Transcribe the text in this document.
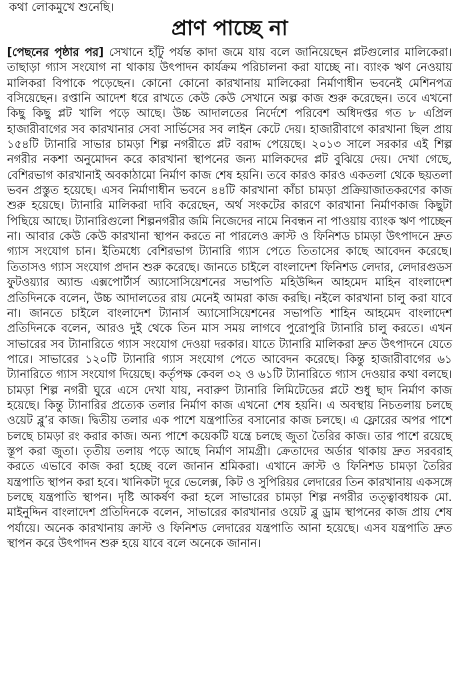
কথা লোকমুখে শুনেছি।
প্রাণ পাচ্ছে না
[পেছনের পৃষ্ঠার পর] সেখানে হাঁটু পর্যন্ত কাদা জমে যায় বলে জানিয়েছেন প্লটগুলোর মালিকেরা। তাছাড়া গ্যাস সংযোগ না থাকায় উৎপাদন কার্যক্রম পরিচালনা করা যাচ্ছে না। ব্যাংক ঋণ নেওয়ায় মালিকরা বিপাকে পড়েছেন। কোনো কোনো কারখানায় মালিকেরা নির্মাণাধীন ভবনেই মেশিনপত্র বসিয়েছেন। রপ্তানি আদেশ ধরে রাখতে কেউ কেউ সেখানে অল্প কাজ শুরু করেছেন। তবে এখনো কিছু কিছু প্লট খালি পড়ে আছে। উচ্চ আদালতের নির্দেশে পরিবেশ অধিদপ্তর গত ৮ এপ্রিল হাজারীবাগের সব কারখানার সেবা সার্ভিসের সব লাইন কেটে দেয়। হাজারীবাগে কারখানা ছিল প্রায় ১৫৪টি ট্যানারি সাভার চামড়া শিল্প নগরীতে প্লট বরাদ্দ পেয়েছে। ২০১৩ সালে সরকার এই শিল্প নগরীর নকশা অনুমোদন করে কারখানা স্থাপনের জন্য মালিকদের প্লট বুঝিয়ে দেয়। দেখা গেছে, বেশিরভাগ কারখানাই অবকাঠামো নির্মাণ কাজ শেষ হয়নি। তবে কারও কারও একতলা থেকে ছয়তলা ভবন প্রস্তুত হয়েছে। এসব নির্মাণাধীন ভবনে ৪৪টি কারখানা কাঁচা চামড়া প্রক্রিয়াজাতকরণের কাজ শুরু হয়েছে। ট্যানারি মালিকরা দাবি করেছেন, অর্থ সংকটের কারণে কারখানা নির্মাণকাজ কিছুটা পিছিয়ে আছে। ট্যানারিগুলো শিল্পনগরীর জমি নিজেদের নামে নিবন্ধন না পাওয়ায় ব্যাংক ঋণ পাচ্ছেন না। আবার কেউ কেউ কারখানা স্থাপন করতে না পারলেও ক্রাস্ট ও ফিনিশড চামড়া উৎপাদনে দ্রুত গ্যাস সংযোগ চান। ইতিমধ্যে বেশিরভাগ ট্যানারি গ্যাস পেতে তিতাসের কাছে আবেদন করেছে। তিতাসও গ্যাস সংযোগ প্রদান শুরু করেছে। জানতে চাইলে বাংলাদেশ ফিনিশড লেদার, লেদারগুডস ফুটওয়্যার অ্যান্ড এক্সপোর্টার্স অ্যাসোসিয়েশনের সভাপতি মহিউদ্দিন আহমেদ মাহিন বাংলাদেশ প্রতিদিনকে বলেন, উচ্চ আদালতের রায় মেনেই আমরা কাজ করছি। নইলে কারখানা চালু করা যাবে না। জানতে চাইলে বাংলাদেশ ট্যানার্স অ্যাসোসিয়েশনের সভাপতি শাহিন আহমেদ বাংলাদেশ প্রতিদিনকে বলেন, আরও দুই থেকে তিন মাস সময় লাগবে পুরোপুরি ট্যানারি চালু করতে। এখন সাভারের সব ট্যানারিতে গ্যাস সংযোগ দেওয়া দরকার। যাতে ট্যানারি মালিকরা দ্রুত উৎপাদনে যেতে পারে। সাভারের ১২০টি ট্যানারি গ্যাস সংযোগ পেতে আবেদন করেছে। কিন্তু হাজারীবাগের ৬১ ট্যানারিতে গ্যাস সংযোগ দিয়েছে। কর্তৃপক্ষ কেবল ৩২ ও ৬১টি ট্যানারিতে গ্যাস দেওয়ার কথা বলছে। চামড়া শিল্প নগরী ঘুরে এসে দেখা যায়, নবারুণ ট্যানারি লিমিটেডের প্লটে শুধু ছাদ নির্মাণ কাজ হয়েছে। কিন্তু ট্যানারির প্রত্যেক তলার নির্মাণ কাজ এখনো শেষ হয়নি। এ অবস্থায় নিচতলায় চলছে ওয়েট ব্লু’র কাজ। দ্বিতীয় তলার এক পাশে যন্ত্রপাতির বসানোর কাজ চলছে। এ ফ্লোরের অপর পাশে চলছে চামড়া রং করার কাজ। অন্য পাশে কয়েকটি যন্ত্রে চলছে জুতা তৈরির কাজ। তার পাশে রয়েছে স্তূপ করা জুতা। তৃতীয় তলায় পড়ে আছে নির্মাণ সামগ্রী। ক্রেতাদের অর্ডার থাকায় দ্রুত সরবরাহ করতে এভাবে কাজ করা হচ্ছে বলে জানান শ্রমিকরা। এখানে ক্রাস্ট ও ফিনিশড চামড়া তৈরির যন্ত্রপাতি স্থাপন করা হবে। খানিকটা দূরে ভেলেক্স, কিট ও সুপিরিয়র লেদারের তিন কারখানায় একসঙ্গে চলছে যন্ত্রপাতি স্থাপন। দৃষ্টি আকর্ষণ করা হলে সাভারের চামড়া শিল্প নগরীর তত্ত্বাবধায়ক মো. মাইনুদ্দিন বাংলাদেশ প্রতিদিনকে বলেন, সাভারের কারখানার ওয়েট ব্লু ড্রাম স্থাপনের কাজ প্রায় শেষ পর্যায়ে। অনেক কারখানায় ক্রাস্ট ও ফিনিশড লেদারের যন্ত্রপাতি আনা হয়েছে। এসব যন্ত্রপাতি দ্রুত স্থাপন করে উৎপাদন শুরু হয়ে যাবে বলে অনেকে জানান।
